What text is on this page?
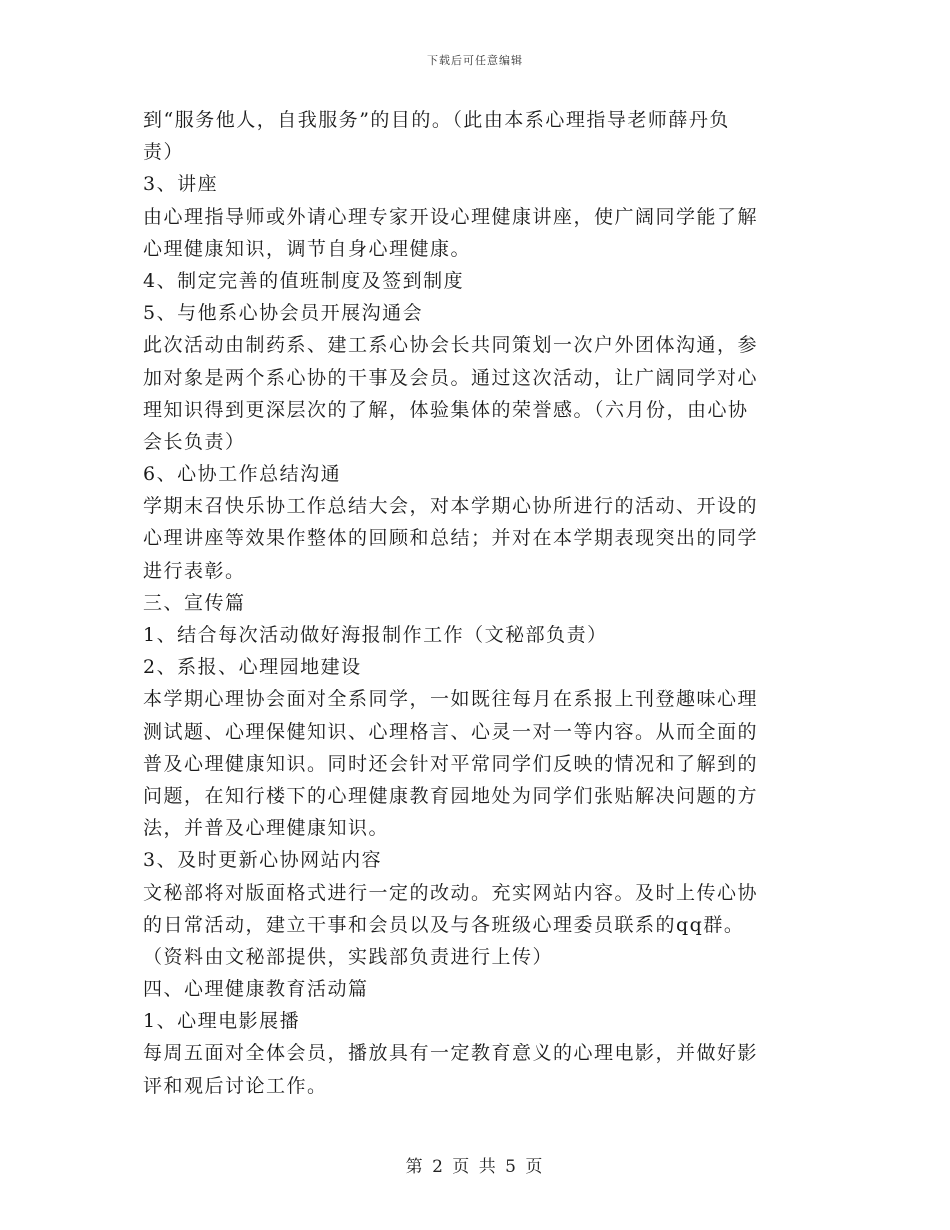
下载后可任意编辑
到“服务他人，自我服务”的目的。（此由本系心理指导老师薛丹负
责）
3、讲座
由心理指导师或外请心理专家开设心理健康讲座，使广阔同学能了解
心理健康知识，调节自身心理健康。
4、制定完善的值班制度及签到制度
5、与他系心协会员开展沟通会
此次活动由制药系、建工系心协会长共同策划一次户外团体沟通，参
加对象是两个系心协的干事及会员。通过这次活动，让广阔同学对心
理知识得到更深层次的了解，体验集体的荣誉感。（六月份，由心协
会长负责）
6、心协工作总结沟通
学期末召快乐协工作总结大会，对本学期心协所进行的活动、开设的
心理讲座等效果作整体的回顾和总结；并对在本学期表现突出的同学
进行表彰。
三、宣传篇
1、结合每次活动做好海报制作工作（文秘部负责）
2、系报、心理园地建设
本学期心理协会面对全系同学，一如既往每月在系报上刊登趣味心理
测试题、心理保健知识、心理格言、心灵一对一等内容。从而全面的
普及心理健康知识。同时还会针对平常同学们反映的情况和了解到的
问题，在知行楼下的心理健康教育园地处为同学们张贴解决问题的方
法，并普及心理健康知识。
3、及时更新心协网站内容
文秘部将对版面格式进行一定的改动。充实网站内容。及时上传心协
的日常活动，建立干事和会员以及与各班级心理委员联系的qq群。
（资料由文秘部提供，实践部负责进行上传）
四、心理健康教育活动篇
1、心理电影展播
每周五面对全体会员，播放具有一定教育意义的心理电影，并做好影
评和观后讨论工作。
第 2 页 共 5 页
